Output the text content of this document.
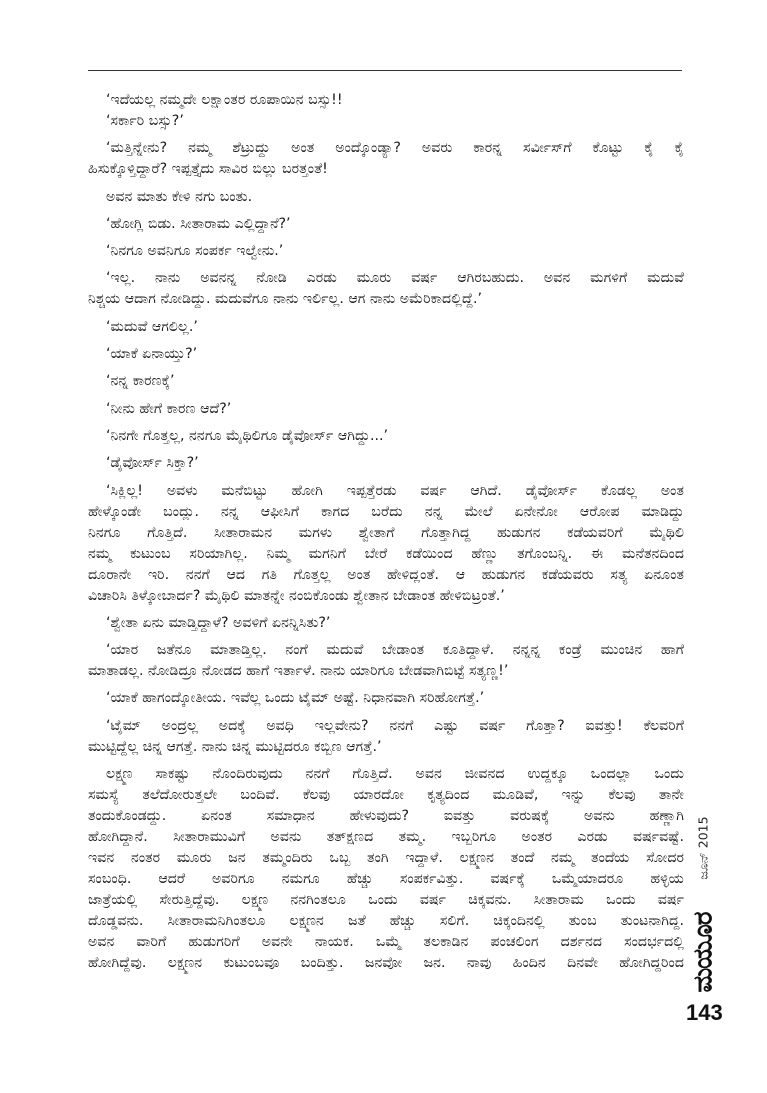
‘ಇದೆಯಲ್ಲ ನಮ್ಮದೇ ಲಕ್ಷಾಂತರ ರೂಪಾಯಿನ ಬಸ್ಸು!!
‘ಸರ್ಕಾರಿ ಬಸ್ಸು?’
‘ಮತ್ತಿನ್ನೇನು? ನಮ್ಮ ಶೆಟ್ರುದ್ದು ಅಂತ ಅಂದ್ಕೊಂಡ್ಯಾ? ಅವರು ಕಾರನ್ನ ಸರ್ವೀಸ್‌ಗೆ ಕೊಟ್ಟು ಕೈ ಕೈ
ಹಿಸುಕ್ಕೊಳ್ತಿದ್ದಾರೆ? ಇಪ್ಪತ್ತೈದು ಸಾವಿರ ಬಿಲ್ಲು ಬರತ್ತಂತೆ!
ಅವನ ಮಾತು ಕೇಳಿ ನಗು ಬಂತು.
‘ಹೋಗ್ಲಿ ಬಿಡು. ಸೀತಾರಾಮ ಎಲ್ಲಿದ್ದಾನೆ?’
‘ನಿನಗೂ ಅವನಿಗೂ ಸಂಪರ್ಕ ಇಲ್ವೇನು.’
‘ಇಲ್ಲ. ನಾನು ಅವನನ್ನ ನೋಡಿ ಎರಡು ಮೂರು ವರ್ಷ ಆಗಿರಬಹುದು. ಅವನ ಮಗಳಿಗೆ ಮದುವೆ
ನಿಶ್ಚಯ ಆದಾಗ ನೋಡಿದ್ದು. ಮದುವೆಗೂ ನಾನು ಇರ್ಲಿಲ್ಲ. ಆಗ ನಾನು ಅಮೆರಿಕಾದಲ್ಲಿದ್ದೆ.’
‘ಮದುವೆ ಆಗಲಿಲ್ಲ.’
‘ಯಾಕೆ ಏನಾಯ್ತು?’
‘ನನ್ನ ಕಾರಣಕ್ಕೆ’
‘ನೀನು ಹೇಗೆ ಕಾರಣ ಆದೆ?’
‘ನಿನಗೇ ಗೊತ್ತಲ್ಲ, ನನಗೂ ಮೈಥಿಲಿಗೂ ಡೈವೋರ್ಸ್ ಆಗಿದ್ದು...’
‘ಡೈವೋರ್ಸ್ ಸಿಕ್ತಾ?’
‘ಸಿಕ್ಲಿಲ್ಲ! ಅವಳು ಮನೆಬಿಟ್ಟು ಹೋಗಿ ಇಪ್ಪತ್ತೆರಡು ವರ್ಷ ಆಗಿದೆ. ಡೈವೋರ್ಸ್ ಕೊಡಲ್ಲ ಅಂತ
ಹೇಳ್ಕೊಂಡೇ ಬಂದ್ಲು. ನನ್ನ ಆಫೀಸಿಗೆ ಕಾಗದ ಬರೆದು ನನ್ನ ಮೇಲೆ ಏನೇನೋ ಆರೋಪ ಮಾಡಿದ್ದು
ನಿನಗೂ ಗೊತ್ತಿದೆ. ಸೀತಾರಾಮನ ಮಗಳು ಶ್ವೇತಾಗೆ ಗೊತ್ತಾಗಿದ್ದ ಹುಡುಗನ ಕಡೆಯವರಿಗೆ ಮೈಥಿಲಿ
ನಮ್ಮ ಕುಟುಂಬ ಸರಿಯಾಗಿಲ್ಲ. ನಿಮ್ಮ ಮಗನಿಗೆ ಬೇರೆ ಕಡೆಯಿಂದ ಹೆಣ್ಣು ತಗೊಂಬನ್ನಿ. ಈ ಮನೆತನದಿಂದ
ದೂರಾನೇ ಇರಿ. ನನಗೆ ಆದ ಗತಿ ಗೊತ್ತಲ್ಲ ಅಂತ ಹೇಳಿದ್ಲಂತೆ. ಆ ಹುಡುಗನ ಕಡೆಯವರು ಸತ್ಯ ಏನೂಂತ
ವಿಚಾರಿಸಿ ತಿಳ್ಕೋಬಾರ್ದ? ಮೈಥಿಲಿ ಮಾತನ್ನೇ ನಂಬಿಕೊಂಡು ಶ್ವೇತಾನ ಬೇಡಾಂತ ಹೇಳಿಬಿಟ್ರಂತೆ.’
‘ಶ್ವೇತಾ ಏನು ಮಾಡ್ತಿದ್ದಾಳೆ? ಅವಳಿಗೆ ಏನನ್ನಿಸಿತು?’
‘ಯಾರ ಜತೆನೂ ಮಾತಾಡ್ತಿಲ್ಲ. ನಂಗೆ ಮದುವೆ ಬೇಡಾಂತ ಕೂತಿದ್ದಾಳೆ. ನನ್ನನ್ನ ಕಂಡ್ರೆ ಮುಂಚಿನ ಹಾಗೆ
ಮಾತಾಡಲ್ಲ. ನೋಡಿದ್ರೂ ನೋಡದ ಹಾಗೆ ಇರ್ತಾಳೆ. ನಾನು ಯಾರಿಗೂ ಬೇಡವಾಗಿಬಿಟ್ಟೆ ಸತ್ಯಣ್ಣ!’
‘ಯಾಕೆ ಹಾಗಂದ್ಕೋತೀಯ. ಇವೆಲ್ಲ ಒಂದು ಟೈಮ್ ಅಷ್ಟೆ. ನಿಧಾನವಾಗಿ ಸರಿಹೋಗತ್ತೆ.’
‘ಟೈಮ್ ಅಂದ್ರಲ್ಲ ಅದಕ್ಕೆ ಅವಧಿ ಇಲ್ಲವೇನು? ನನಗೆ ಎಷ್ಟು ವರ್ಷ ಗೊತ್ತಾ? ಐವತ್ತು! ಕೆಲವರಿಗೆ
ಮುಟ್ಟಿದ್ದೆಲ್ಲ ಚಿನ್ನ ಆಗತ್ತೆ. ನಾನು ಚಿನ್ನ ಮುಟ್ಟಿದರೂ ಕಬ್ಬಿಣ ಆಗತ್ತೆ.’
ಲಕ್ಷ್ಮಣ ಸಾಕಷ್ಟು ನೊಂದಿರುವುದು ನನಗೆ ಗೊತ್ತಿದೆ. ಅವನ ಜೀವನದ ಉದ್ದಕ್ಕೂ ಒಂದಲ್ಲಾ ಒಂದು
ಸಮಸ್ಯೆ ತಲೆದೋರುತ್ತಲೇ ಬಂದಿವೆ. ಕೆಲವು ಯಾರದೋ ಕೃತ್ಯದಿಂದ ಮೂಡಿವೆ, ಇನ್ನು ಕೆಲವು ತಾನೇ
ತಂದುಕೊಂಡದ್ದು. ಏನಂತ ಸಮಾಧಾನ ಹೇಳುವುದು? ಐವತ್ತು ವರುಷಕ್ಕೆ ಅವನು ಹಣ್ಣಾಗಿ
ಹೋಗಿದ್ದಾನೆ. ಸೀತಾರಾಮುವಿಗೆ ಅವನು ತತ್‌ಕ್ಷಣದ ತಮ್ಮ. ಇಬ್ಬರಿಗೂ ಅಂತರ ಎರಡು ವರ್ಷವಷ್ಟೆ.
ಇವನ ನಂತರ ಮೂರು ಜನ ತಮ್ಮಂದಿರು ಒಬ್ಬ ತಂಗಿ ಇದ್ದಾಳೆ. ಲಕ್ಷ್ಮಣನ ತಂದೆ ನಮ್ಮ ತಂದೆಯ ಸೋದರ
ಸಂಬಂಧಿ. ಆದರೆ ಅವರಿಗೂ ನಮಗೂ ಹೆಚ್ಚು ಸಂಪರ್ಕವಿತ್ತು. ವರ್ಷಕ್ಕೆ ಒಮ್ಮೆಯಾದರೂ ಹಳ್ಳಿಯ
ಜಾತ್ರೆಯಲ್ಲಿ ಸೇರುತ್ತಿದ್ದೆವು. ಲಕ್ಷ್ಮಣ ನನಗಿಂತಲೂ ಒಂದು ವರ್ಷ ಚಿಕ್ಕವನು. ಸೀತಾರಾಮ ಒಂದು ವರ್ಷ
ದೊಡ್ಡವನು. ಸೀತಾರಾಮನಿಗಿಂತಲೂ ಲಕ್ಷ್ಮಣನ ಜತೆ ಹೆಚ್ಚು ಸಲಿಗೆ. ಚಿಕ್ಕಂದಿನಲ್ಲಿ ತುಂಬ ತುಂಟನಾಗಿದ್ದ.
ಅವನ ವಾರಿಗೆ ಹುಡುಗರಿಗೆ ಅವನೇ ನಾಯಕ. ಒಮ್ಮೆ ತಲಕಾಡಿನ ಪಂಚಲಿಂಗ ದರ್ಶನದ ಸಂದರ್ಭದಲ್ಲಿ
ಹೋಗಿದ್ದೆವು. ಲಕ್ಷ್ಮಣನ ಕುಟುಂಬವೂ ಬಂದಿತ್ತು. ಜನವೋ ಜನ. ನಾವು ಹಿಂದಿನ ದಿನವೇ ಹೋಗಿದ್ದರಿಂದ
ಜೂನ್ 2015
ಮಯೂರ
143
